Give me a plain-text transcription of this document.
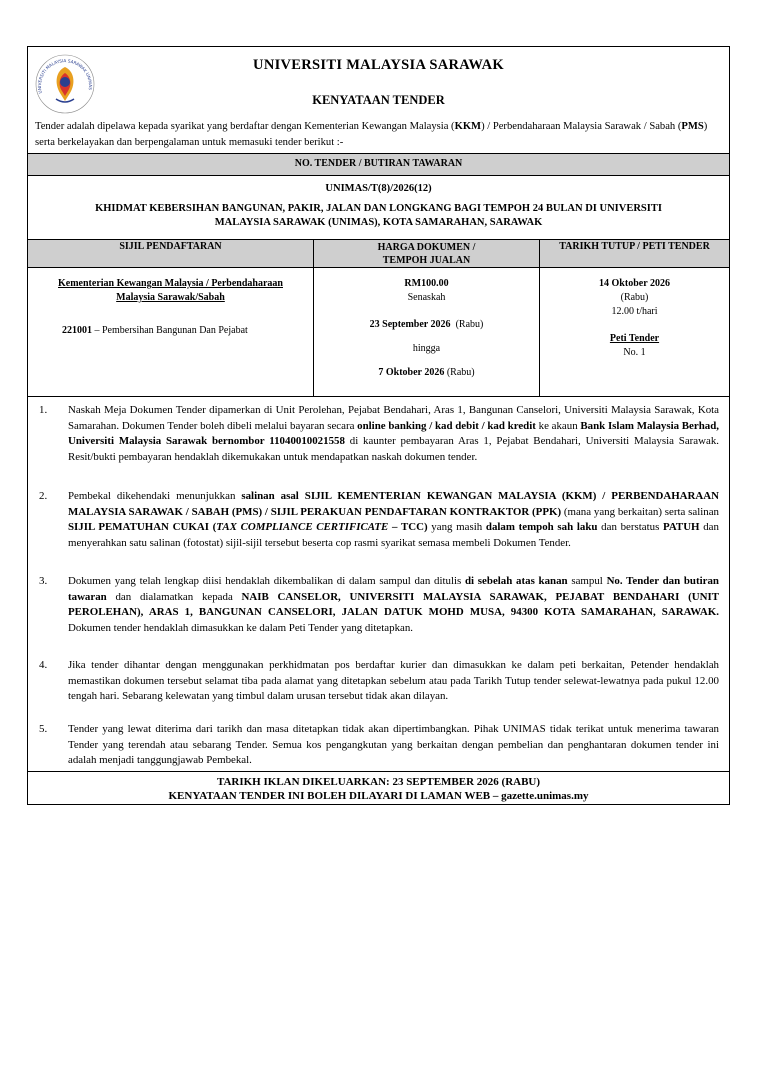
UNIVERSITI MALAYSIA SARAWAK UNIMAS
UNIVERSITI MALAYSIA SARAWAK
KENYATAAN TENDER
Tender adalah dipelawa kepada syarikat yang berdaftar dengan Kementerian Kewangan Malaysia (KKM) / Perbendaharaan Malaysia Sarawak / Sabah (PMS) serta berkelayakan dan berpengalaman untuk memasuki tender berikut :-
NO. TENDER / BUTIRAN TAWARAN
UNIMAS/T(8)/2026(12)
KHIDMAT KEBERSIHAN BANGUNAN, PAKIR, JALAN DAN LONGKANG BAGI TEMPOH 24 BULAN DI UNIVERSITI MALAYSIA SARAWAK (UNIMAS), KOTA SAMARAHAN, SARAWAK
SIJIL PENDAFTARAN	HARGA DOKUMEN /
TEMPOH JUALAN
TARIKH TUTUP / PETI TENDER
Kementerian Kewangan Malaysia / Perbendaharaan Malaysia Sarawak/Sabah
221001 – Pembersihan Bangunan Dan Pejabat
RM100.00
Senaskah
23 September 2026 (Rabu)
hingga
7 Oktober 2026 (Rabu)
14 Oktober 2026
(Rabu)
12.00 t/hari
Peti Tender
No. 1
1. Naskah Meja Dokumen Tender dipamerkan di Unit Perolehan, Pejabat Bendahari, Aras 1, Bangunan Canselori, Universiti Malaysia Sarawak, Kota Samarahan. Dokumen Tender boleh dibeli melalui bayaran secara online banking / kad debit / kad kredit ke akaun Bank Islam Malaysia Berhad, Universiti Malaysia Sarawak bernombor 11040010021558 di kaunter pembayaran Aras 1, Pejabat Bendahari, Universiti Malaysia Sarawak. Resit/bukti pembayaran hendaklah dikemukakan untuk mendapatkan naskah dokumen tender.
2. Pembekal dikehendaki menunjukkan salinan asal SIJIL KEMENTERIAN KEWANGAN MALAYSIA (KKM) / PERBENDAHARAAN MALAYSIA SARAWAK / SABAH (PMS) / SIJIL PERAKUAN PENDAFTARAN KONTRAKTOR (PPK) (mana yang berkaitan) serta salinan SIJIL PEMATUHAN CUKAI (TAX COMPLIANCE CERTIFICATE – TCC) yang masih dalam tempoh sah laku dan berstatus PATUH dan menyerahkan satu salinan (fotostat) sijil-sijil tersebut beserta cop rasmi syarikat semasa membeli Dokumen Tender.
3. Dokumen yang telah lengkap diisi hendaklah dikembalikan di dalam sampul dan ditulis di sebelah atas kanan sampul No. Tender dan butiran tawaran dan dialamatkan kepada NAIB CANSELOR, UNIVERSITI MALAYSIA SARAWAK, PEJABAT BENDAHARI (UNIT PEROLEHAN), ARAS 1, BANGUNAN CANSELORI, JALAN DATUK MOHD MUSA, 94300 KOTA SAMARAHAN, SARAWAK. Dokumen tender hendaklah dimasukkan ke dalam Peti Tender yang ditetapkan.
4. Jika tender dihantar dengan menggunakan perkhidmatan pos berdaftar kurier dan dimasukkan ke dalam peti berkaitan, Petender hendaklah memastikan dokumen tersebut selamat tiba pada alamat yang ditetapkan sebelum atau pada Tarikh Tutup tender selewat-lewatnya pada pukul 12.00 tengah hari. Sebarang kelewatan yang timbul dalam urusan tersebut tidak akan dilayan.
5. Tender yang lewat diterima dari tarikh dan masa ditetapkan tidak akan dipertimbangkan. Pihak UNIMAS tidak terikat untuk menerima tawaran Tender yang terendah atau sebarang Tender. Semua kos pengangkutan yang berkaitan dengan pembelian dan penghantaran dokumen tender ini adalah menjadi tanggungjawab Pembekal.
TARIKH IKLAN DIKELUARKAN: 23 SEPTEMBER 2026 (RABU)
KENYATAAN TENDER INI BOLEH DILAYARI DI LAMAN WEB – gazette.unimas.my
